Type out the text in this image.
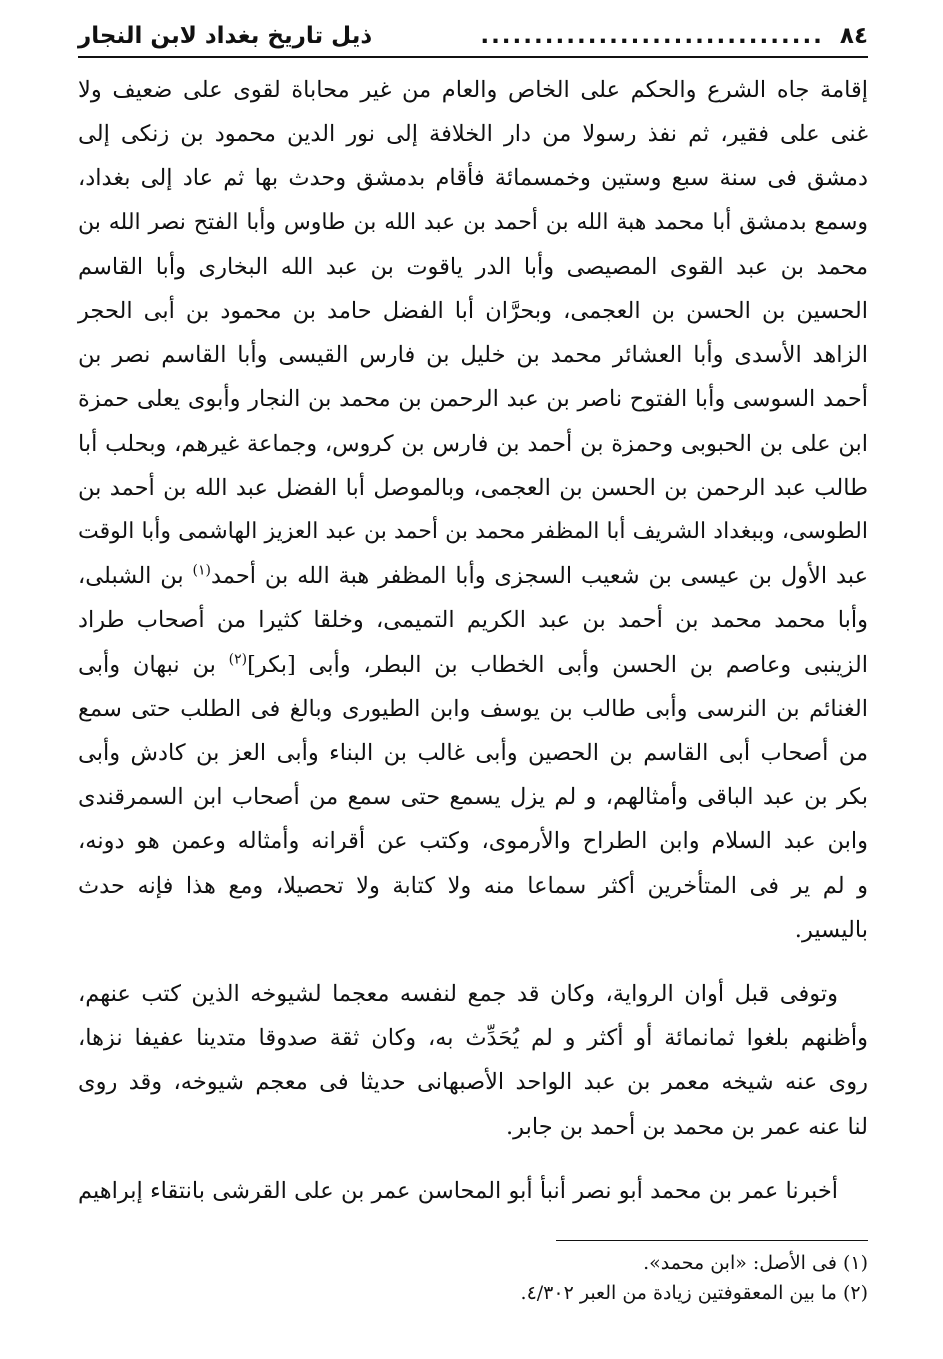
٨٤
................................
ذيل تاريخ بغداد لابن النجار
إقامة جاه الشرع والحكم على الخاص والعام من غير محاباة لقوى على ضعيف ولا
غنى على فقير، ثم نفذ رسولا من دار الخلافة إلى نور الدين محمود بن زنكى إلى
دمشق فى سنة سبع وستين وخمسمائة فأقام بدمشق وحدث بها ثم عاد إلى بغداد،
وسمع بدمشق أبا محمد هبة الله بن أحمد بن عبد الله بن طاوس وأبا الفتح نصر الله بن
محمد بن عبد القوى المصيصى وأبا الدر ياقوت بن عبد الله البخارى وأبا القاسم
الحسين بن الحسن بن العجمى، وبحرَّان أبا الفضل حامد بن محمود بن أبى الحجر
الزاهد الأسدى وأبا العشائر محمد بن خليل بن فارس القيسى وأبا القاسم نصر بن
أحمد السوسى وأبا الفتوح ناصر بن عبد الرحمن بن محمد بن النجار وأبوى يعلى حمزة
ابن على بن الحبوبى وحمزة بن أحمد بن فارس بن كروس، وجماعة غيرهم، وبحلب أبا
طالب عبد الرحمن بن الحسن بن العجمى، وبالموصل أبا الفضل عبد الله بن أحمد بن
الطوسى، وببغداد الشريف أبا المظفر محمد بن أحمد بن عبد العزيز الهاشمى وأبا الوقت
عبد الأول بن عيسى بن شعيب السجزى وأبا المظفر هبة الله بن أحمد$^{(١)}$ بن الشبلى،
وأبا محمد محمد بن أحمد بن عبد الكريم التميمى، وخلقا كثيرا من أصحاب طراد
الزينبى وعاصم بن الحسن وأبى الخطاب بن البطر، وأبى [بكر]$^{(٢)}$ بن نبهان وأبى
الغنائم بن النرسى وأبى طالب بن يوسف وابن الطيورى وبالغ فى الطلب حتى سمع
من أصحاب أبى القاسم بن الحصين وأبى غالب بن البناء وأبى العز بن كادش وأبى
بكر بن عبد الباقى وأمثالهم، و لم يزل يسمع حتى سمع من أصحاب ابن السمرقندى
وابن عبد السلام وابن الطراح والأرموى، وكتب عن أقرانه وأمثاله وعمن هو دونه،
و لم ير فى المتأخرين أكثر سماعا منه ولا كتابة ولا تحصيلا، ومع هذا فإنه حدث
باليسير.
وتوفى قبل أوان الرواية، وكان قد جمع لنفسه معجما لشيوخه الذين كتب عنهم،
وأظنهم بلغوا ثمانمائة أو أكثر و لم يُحَدِّث به، وكان ثقة صدوقا متدينا عفيفا نزها،
روى عنه شيخه معمر بن عبد الواحد الأصبهانى حديثا فى معجم شيوخه، وقد روى
لنا عنه عمر بن محمد بن أحمد بن جابر.
أخبرنا عمر بن محمد أبو نصر أنبأ أبو المحاسن عمر بن على القرشى بانتقاء إبراهيم
(١) فى الأصل: «ابن محمد».
(٢) ما بين المعقوفتين زيادة من العبر ٤/٣٠٢.
